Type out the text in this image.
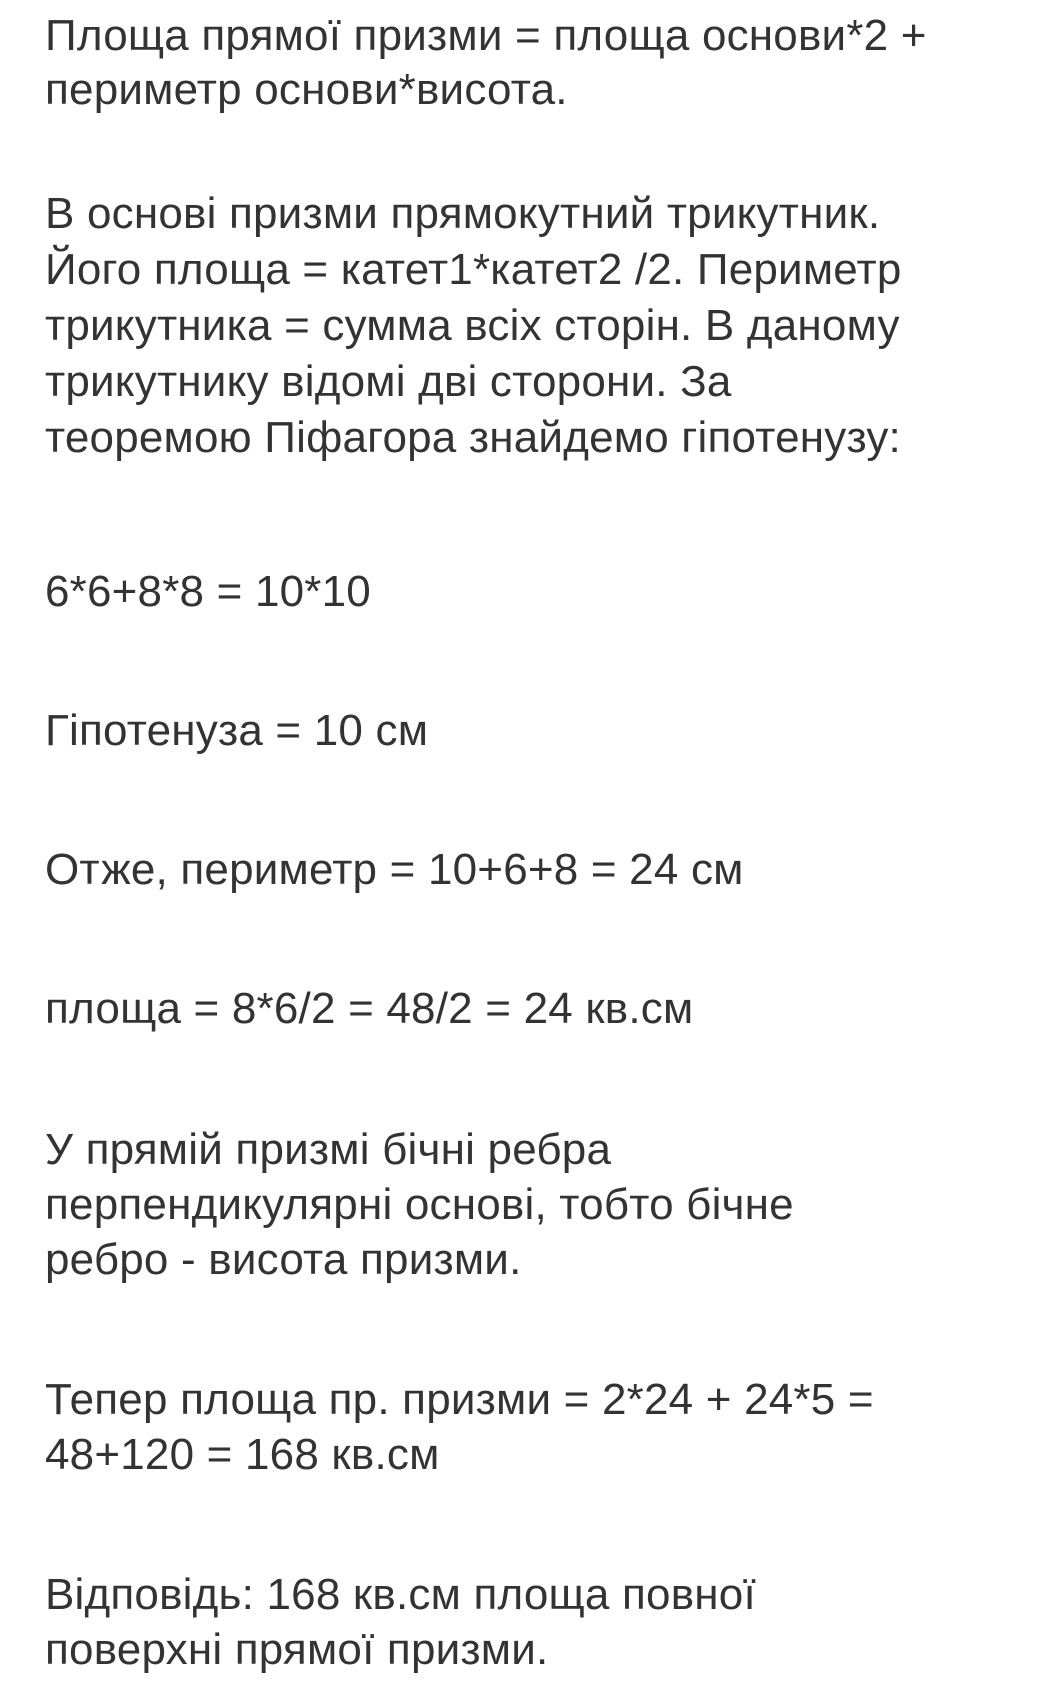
Площа прямої призми = площа основи*2 +
периметр основи*висота.
В основі призми прямокутний трикутник.
Його площа = катет1*катет2 /2. Периметр
трикутника = сумма всіх сторін. В даному
трикутнику відомі дві сторони. За
теоремою Піфагора знайдемо гіпотенузу:
6*6+8*8 = 10*10
Гіпотенуза = 10 см
Отже, периметр = 10+6+8 = 24 см
площа = 8*6/2 = 48/2 = 24 кв.см
У прямій призмі бічні ребра
перпендикулярні основі, тобто бічне
ребро - висота призми.
Тепер площа пр. призми = 2*24 + 24*5 =
48+120 = 168 кв.см
Відповідь: 168 кв.см площа повної
поверхні прямої призми.
